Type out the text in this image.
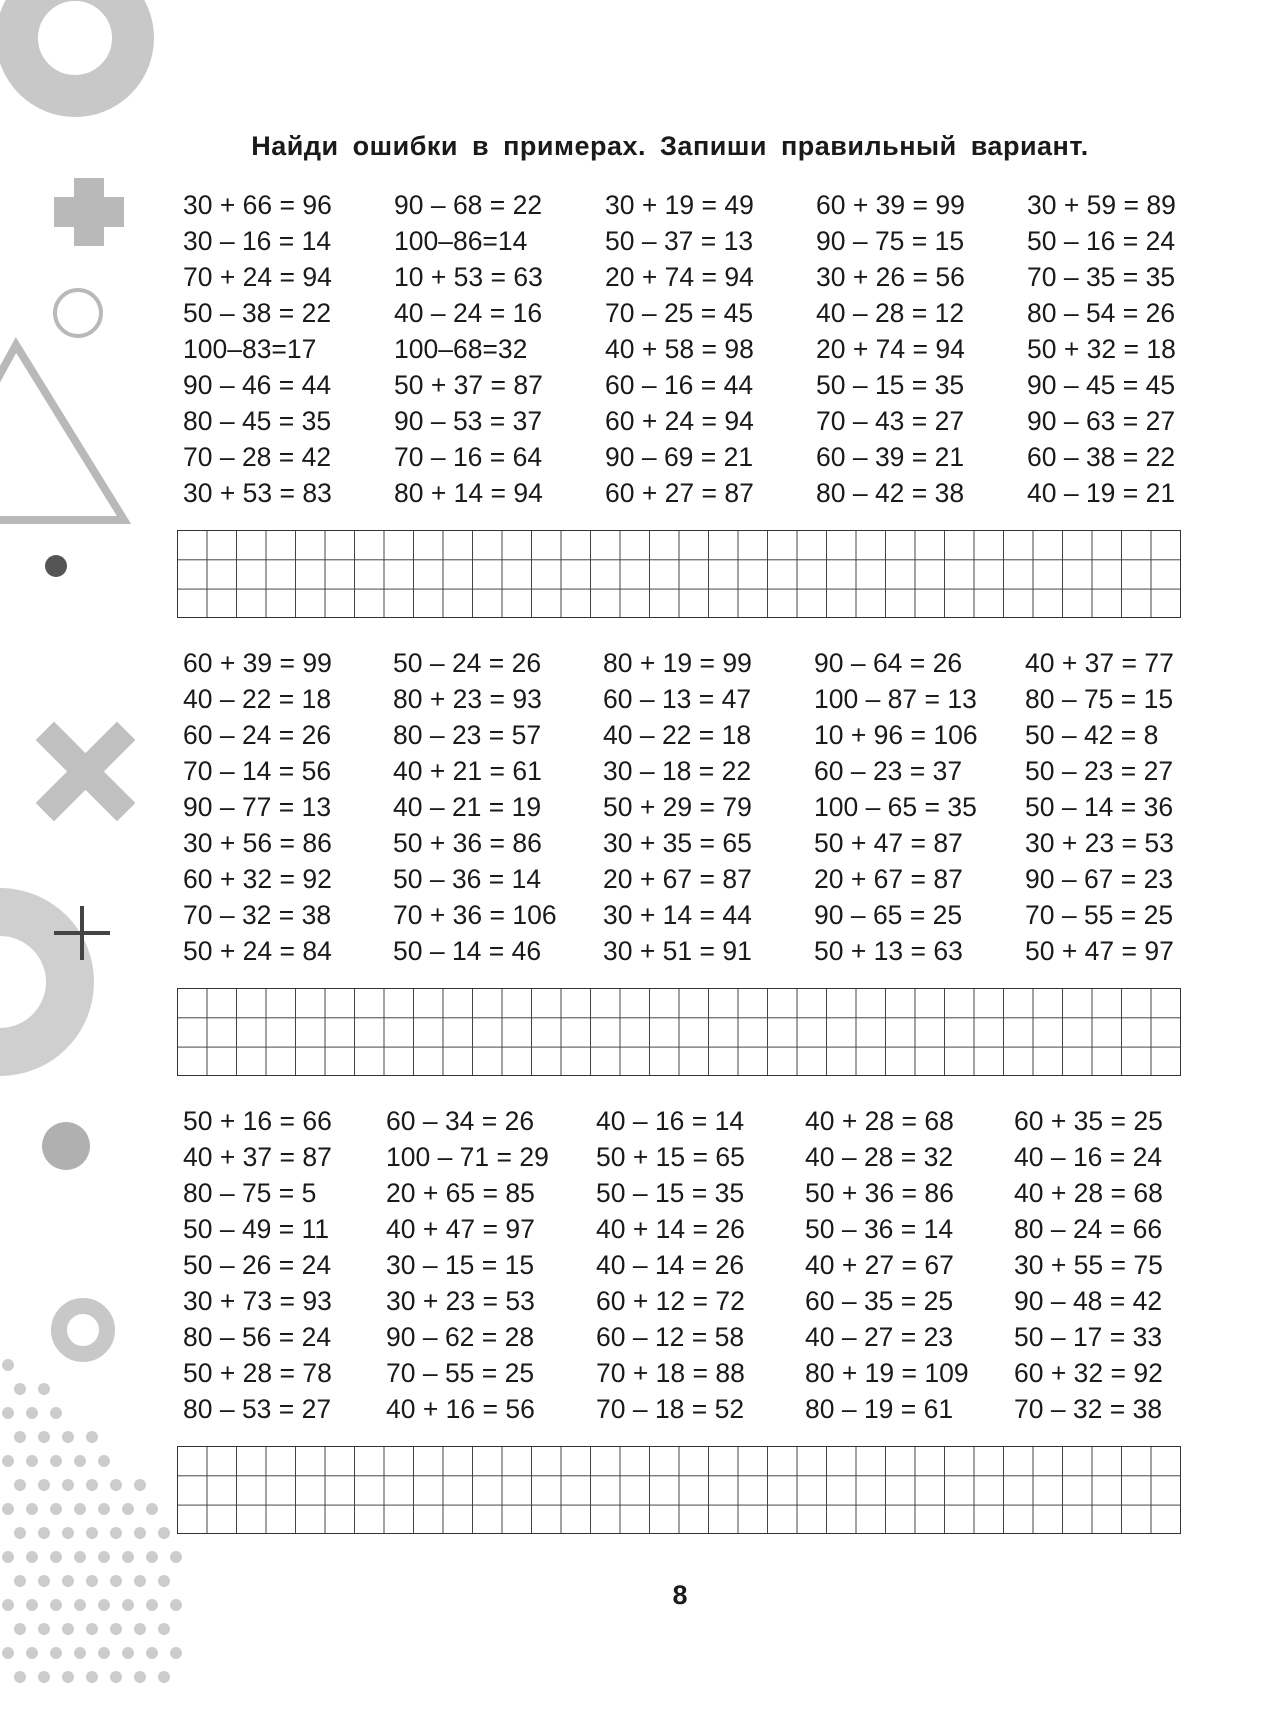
Найди ошибки в примерах. Запиши правильный вариант.
30 + 66 = 96
30 – 16 = 14
70 + 24 = 94
50 – 38 = 22
100–83=17
90 – 46 = 44
80 – 45 = 35
70 – 28 = 42
30 + 53 = 83
90 – 68 = 22
100–86=14
10 + 53 = 63
40 – 24 = 16
100–68=32
50 + 37 = 87
90 – 53 = 37
70 – 16 = 64
80 + 14 = 94
30 + 19 = 49
50 – 37 = 13
20 + 74 = 94
70 – 25 = 45
40 + 58 = 98
60 – 16 = 44
60 + 24 = 94
90 – 69 = 21
60 + 27 = 87
60 + 39 = 99
90 – 75 = 15
30 + 26 = 56
40 – 28 = 12
20 + 74 = 94
50 – 15 = 35
70 – 43 = 27
60 – 39 = 21
80 – 42 = 38
30 + 59 = 89
50 – 16 = 24
70 – 35 = 35
80 – 54 = 26
50 + 32 = 18
90 – 45 = 45
90 – 63 = 27
60 – 38 = 22
40 – 19 = 21
60 + 39 = 99
40 – 22 = 18
60 – 24 = 26
70 – 14 = 56
90 – 77 = 13
30 + 56 = 86
60 + 32 = 92
70 – 32 = 38
50 + 24 = 84
50 – 24 = 26
80 + 23 = 93
80 – 23 = 57
40 + 21 = 61
40 – 21 = 19
50 + 36 = 86
50 – 36 = 14
70 + 36 = 106
50 – 14 = 46
80 + 19 = 99
60 – 13 = 47
40 – 22 = 18
30 – 18 = 22
50 + 29 = 79
30 + 35 = 65
20 + 67 = 87
30 + 14 = 44
30 + 51 = 91
90 – 64 = 26
100 – 87 = 13
10 + 96 = 106
60 – 23 = 37
100 – 65 = 35
50 + 47 = 87
20 + 67 = 87
90 – 65 = 25
50 + 13 = 63
40 + 37 = 77
80 – 75 = 15
50 – 42 = 8
50 – 23 = 27
50 – 14 = 36
30 + 23 = 53
90 – 67 = 23
70 – 55 = 25
50 + 47 = 97
50 + 16 = 66
40 + 37 = 87
80 – 75 = 5
50 – 49 = 11
50 – 26 = 24
30 + 73 = 93
80 – 56 = 24
50 + 28 = 78
80 – 53 = 27
60 – 34 = 26
100 – 71 = 29
20 + 65 = 85
40 + 47 = 97
30 – 15 = 15
30 + 23 = 53
90 – 62 = 28
70 – 55 = 25
40 + 16 = 56
40 – 16 = 14
50 + 15 = 65
50 – 15 = 35
40 + 14 = 26
40 – 14 = 26
60 + 12 = 72
60 – 12 = 58
70 + 18 = 88
70 – 18 = 52
40 + 28 = 68
40 – 28 = 32
50 + 36 = 86
50 – 36 = 14
40 + 27 = 67
60 – 35 = 25
40 – 27 = 23
80 + 19 = 109
80 – 19 = 61
60 + 35 = 25
40 – 16 = 24
40 + 28 = 68
80 – 24 = 66
30 + 55 = 75
90 – 48 = 42
50 – 17 = 33
60 + 32 = 92
70 – 32 = 38
8
